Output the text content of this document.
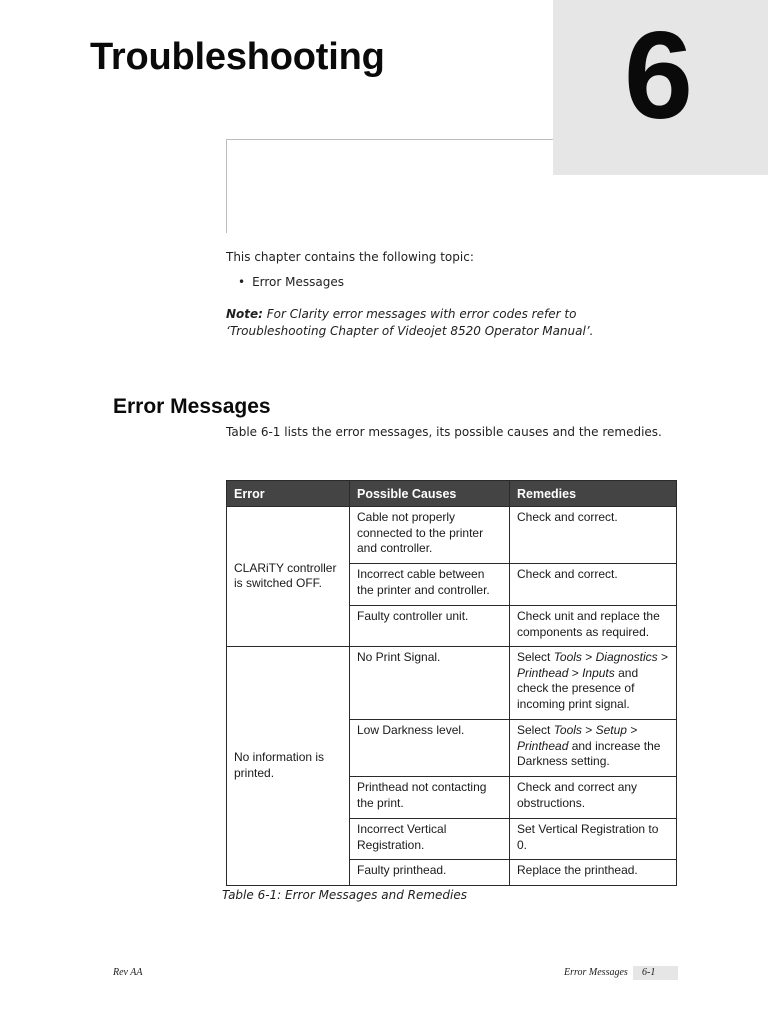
6
Troubleshooting
This chapter contains the following topic:
• Error Messages
Note: For Clarity error messages with error codes refer to ‘Troubleshooting Chapter of Videojet 8520 Operator Manual’.
Error Messages
Table 6-1 lists the error messages, its possible causes and the remedies.
Error	Possible Causes	Remedies
CLARiTY controller is switched OFF.	Cable not properly connected to the printer and controller.	Check and correct.
	Incorrect cable between the printer and controller.	Check and correct.
	Faulty controller unit.	Check unit and replace the components as required.
No information is printed.	No Print Signal.	Select Tools > Diagnostics > Printhead > Inputs and check the presence of incoming print signal.
	Low Darkness level.	Select Tools > Setup > Printhead and increase the Darkness setting.
	Printhead not contacting the print.	Check and correct any obstructions.
	Incorrect Vertical Registration.	Set Vertical Registration to 0.
	Faulty printhead.	Replace the printhead.
Table 6-1: Error Messages and Remedies
Rev AA	Error Messages 6-1
